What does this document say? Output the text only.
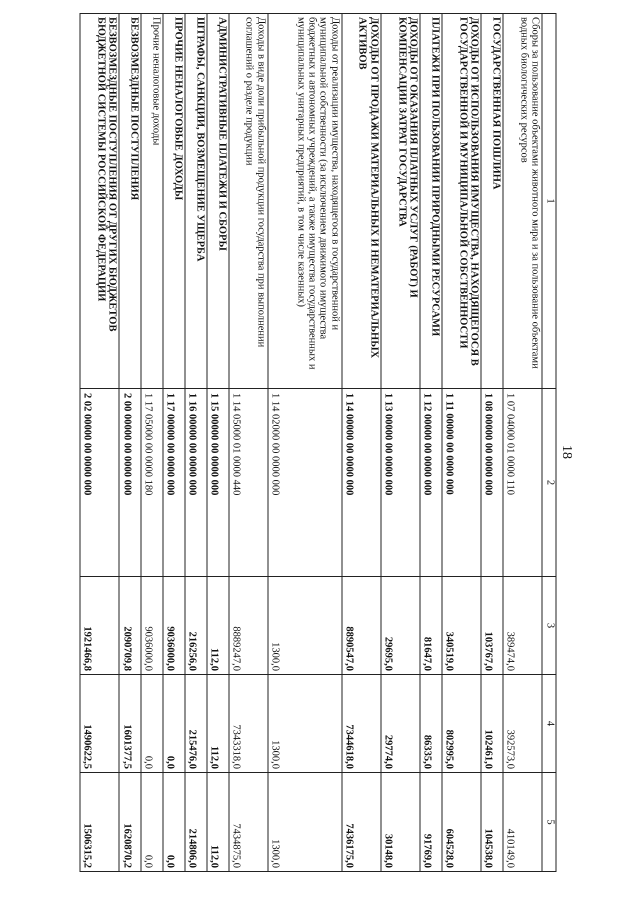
18
1	2	3	4	5
Сборы за пользование объектами животного мира и за пользование объектами водных биологических ресурсов	1 07 04000 01 0000 110	389474,0	392573,0	410149,0
ГОСУДАРСТВЕННАЯ ПОШЛИНА	1 08 00000 00 0000 000	103767,0	102461,0	104538,0
ДОХОДЫ ОТ ИСПОЛЬЗОВАНИЯ ИМУЩЕСТВА, НАХОДЯЩЕГОСЯ В ГОСУДАРСТВЕННОЙ И МУНИЦИПАЛЬНОЙ СОБСТВЕННОСТИ	1 11 00000 00 0000 000	340519,0	802995,0	604528,0
ПЛАТЕЖИ ПРИ ПОЛЬЗОВАНИИ ПРИРОДНЫМИ РЕСУРСАМИ	1 12 00000 00 0000 000	81647,0	86335,0	91769,0
ДОХОДЫ ОТ ОКАЗАНИЯ ПЛАТНЫХ УСЛУГ (РАБОТ) И КОМПЕНСАЦИИ ЗАТРАТ ГОСУДАРСТВА	1 13 00000 00 0000 000	29695,0	29774,0	30148,0
ДОХОДЫ ОТ ПРОДАЖИ МАТЕРИАЛЬНЫХ И НЕМАТЕРИАЛЬНЫХ АКТИВОВ	1 14 00000 00 0000 000	8890547,0	7344618,0	7436175,0
Доходы от реализации имущества, находящегося в государственной и муниципальной собственности (за исключением движимого имущества бюджетных и автономных учреждений, а также имущества государственных и муниципальных унитарных предприятий, в том числе казенных)	1 14 02000 00 0000 000	1300,0	1300,0	1300,0
Доходы в виде доли прибыльной продукции государства при выполнении соглашений о разделе продукции	1 14 05000 01 0000 440	8889247,0	7343318,0	7434875,0
АДМИНИСТРАТИВНЫЕ ПЛАТЕЖИ И СБОРЫ	1 15 00000 00 0000 000	112,0	112,0	112,0
ШТРАФЫ, САНКЦИИ, ВОЗМЕЩЕНИЕ УЩЕРБА	1 16 00000 00 0000 000	216256,0	215476,0	214806,0
ПРОЧИЕ НЕНАЛОГОВЫЕ ДОХОДЫ	1 17 00000 00 0000 000	9036000,0	0,0	0,0
Прочие неналоговые доходы	1 17 05000 00 0000 180	9036000,0	0,0	0,0
БЕЗВОЗМЕЗДНЫЕ ПОСТУПЛЕНИЯ	2 00 00000 00 0000 000	2090709,8	1601377,5	1620870,2
БЕЗВОЗМЕЗДНЫЕ ПОСТУПЛЕНИЯ ОТ ДРУГИХ БЮДЖЕТОВ БЮДЖЕТНОЙ СИСТЕМЫ РОССИЙСКОЙ ФЕДЕРАЦИИ	2 02 00000 00 0000 000	1921466,8	1490622,5	1506315,2
